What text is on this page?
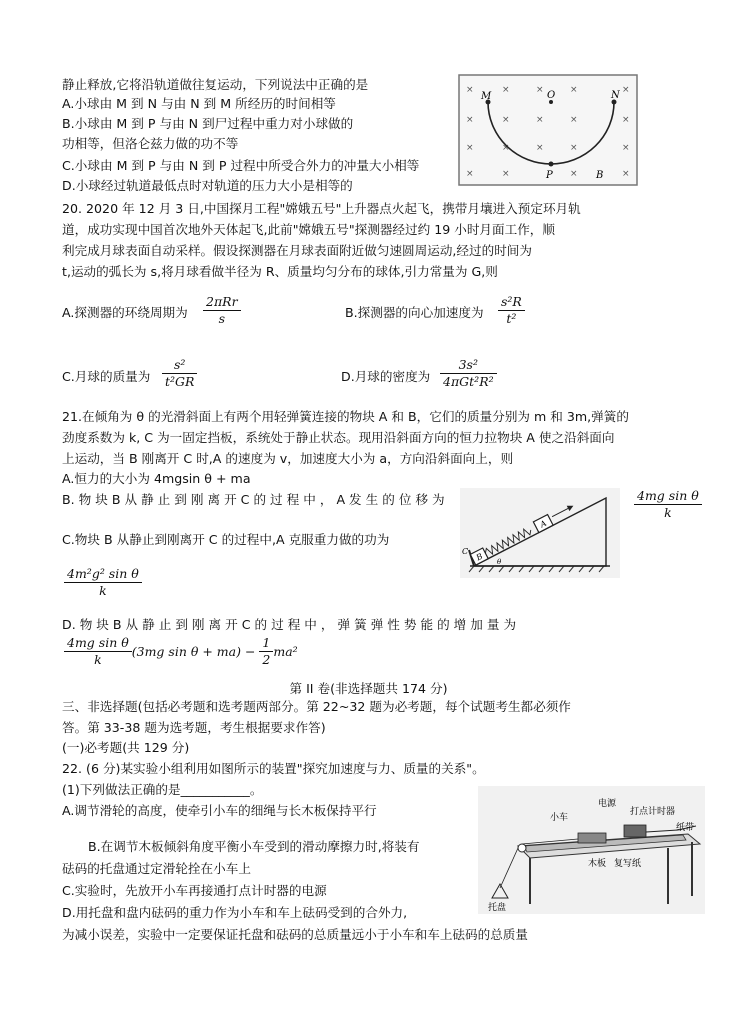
静止释放,它将沿轨道做往复运动，下列说法中正确的是
A.小球由 M 到 N 与由 N 到 M 所经历的时间相等
B.小球由 M 到 P 与由 N 到尸过程中重力对小球做的
功相等，但洛仑兹力做的功不等
C.小球由 M 到 P 与由 N 到 P 过程中所受合外力的冲量大小相等
D.小球经过轨道最低点时对轨道的压力大小是相等的
×	×	×	×	×
×	×	×	×	×
×	×	×	×	×
×	×	×	×
M	O	N
P	B
20. 2020 年 12 月 3 日,中国探月工程"嫦娥五号"上升器点火起飞，携带月壤进入预定环月轨
道，成功实现中国首次地外天体起飞,此前"嫦娥五号"探测器经过约 19 小时月面工作，顺
利完成月球表面自动采样。假设探测器在月球表面附近做匀速圆周运动,经过的时间为
t,运动的弧长为 s,将月球看做半径为 R、质量均匀分布的球体,引力常量为 G,则
A.探测器的环绕周期为
2πRr
s	B.探测器的向心加速度为 $\frac{\text{s²R}}{\text{t²}}$
C.月球的质量为 $\frac{\text{s²}}{\text{t²GR}}$	D.月球的密度为
3s²
4πGt²R²
21.在倾角为 θ 的光滑斜面上有两个用轻弹簧连接的物块 A 和 B，它们的质量分别为 m 和 3m,弹簧的
劲度系数为 k, C 为一固定挡板，系统处于静止状态。现用沿斜面方向的恒力拉物块 A 使之沿斜面向
上运动，当 B 刚离开 C 时,A 的速度为 v，加速度大小为 a，方向沿斜面向上，则
A.恒力的大小为 4mgsin θ + ma
B. 物 块 B 从 静 止 到 刚 离 开 C 的 过 程 中 ， A 发 生 的 位 移 为	$\frac{\text{4mg sin θ}}{k}$
B
A
C
θ
C.物块 B 从静止到刚离开 C 的过程中,A 克服重力做的功为
$\frac{\text{4m²g² sin θ}}{k}$
D. 物 块 B 从 静 止 到 刚 离 开 C 的 过 程 中 ， 弹 簧 弹 性 势 能 的 增 加 量 为
$\frac{\text{4mg sin θ}}{k} (3mg$ $\sin \theta + ma) - \frac{1}{2} ma^2$
第 II 卷(非选择题共 174 分)
三、非选择题(包括必考题和选考题两部分。第 22~32 题为必考题，每个试题考生都必须作
答。第 33-38 题为选考题，考生根据要求作答)
(一)必考题(共 129 分)
22. (6 分)某实验小组利用如图所示的装置"探究加速度与力、质量的关系"。
(1)下列做法正确的是___________。
A.调节滑轮的高度，使牵引小车的细绳与长木板保持平行
B.在调节木板倾斜角度平衡小车受到的滑动摩擦力时,将装有
砝码的托盘通过定滑轮拴在小车上
C.实验时，先放开小车再接通打点计时器的电源
D.用托盘和盘内砝码的重力作为小车和车上砝码受到的合外力,
为减小误差，实验中一定要保证托盘和砝码的总质量远小于小车和车上砝码的总质量
电源
打点计时器
小车
纸带
木板 复写纸
托盘
